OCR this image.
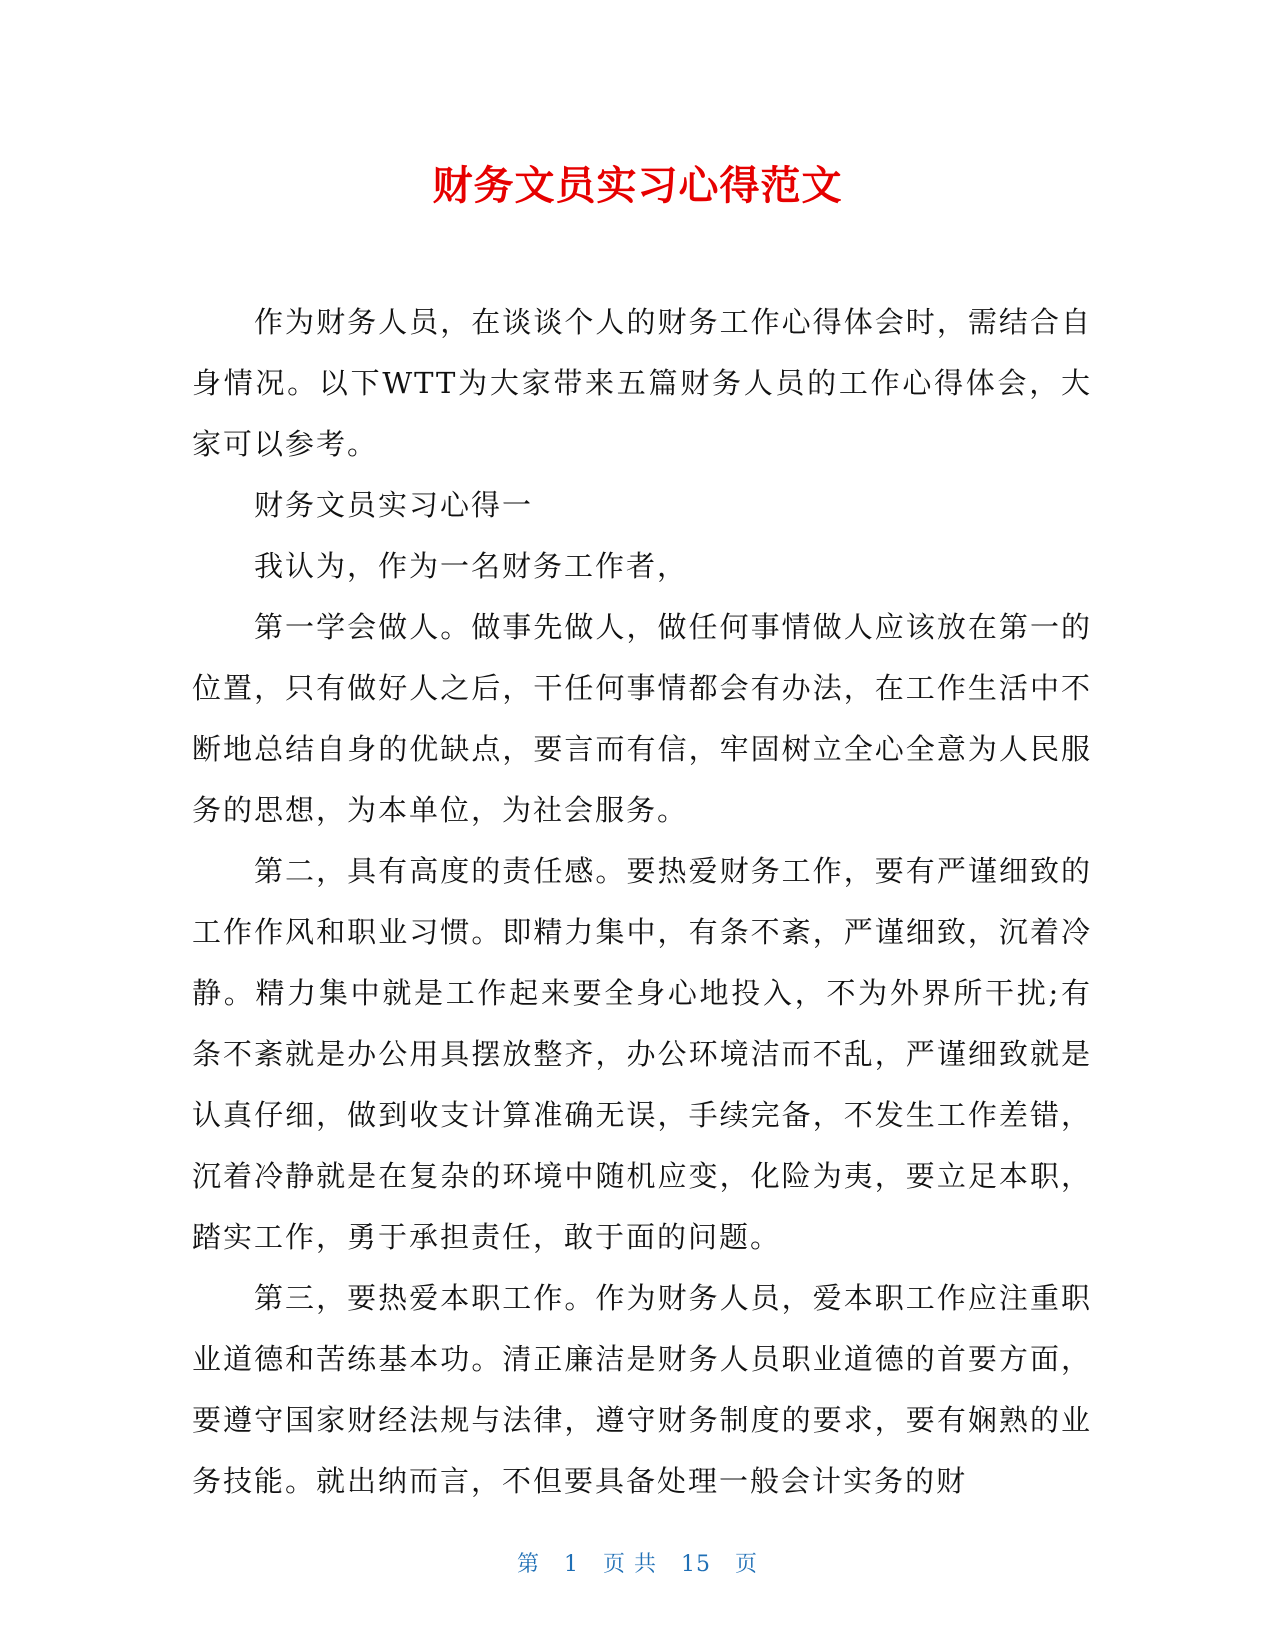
财务文员实习心得范文

作为财务人员，在谈谈个人的财务工作心得体会时，需结合自身情况。以下WTT为大家带来五篇财务人员的工作心得体会，大家可以参考。

财务文员实习心得一

我认为，作为一名财务工作者，

第一学会做人。做事先做人，做任何事情做人应该放在第一的位置，只有做好人之后，干任何事情都会有办法，在工作生活中不断地总结自身的优缺点，要言而有信，牢固树立全心全意为人民服务的思想，为本单位，为社会服务。

第二，具有高度的责任感。要热爱财务工作，要有严谨细致的工作作风和职业习惯。即精力集中，有条不紊，严谨细致，沉着冷静。精力集中就是工作起来要全身心地投入，不为外界所干扰;有条不紊就是办公用具摆放整齐，办公环境洁而不乱，严谨细致就是认真仔细，做到收支计算准确无误，手续完备，不发生工作差错，沉着冷静就是在复杂的环境中随机应变，化险为夷，要立足本职，踏实工作，勇于承担责任，敢于面的问题。

第三，要热爱本职工作。作为财务人员，爱本职工作应注重职业道德和苦练基本功。清正廉洁是财务人员职业道德的首要方面，要遵守国家财经法规与法律，遵守财务制度的要求，要有娴熟的业务技能。就出纳而言，不但要具备处理一般会计实务的财

第 1 页 共 15 页
